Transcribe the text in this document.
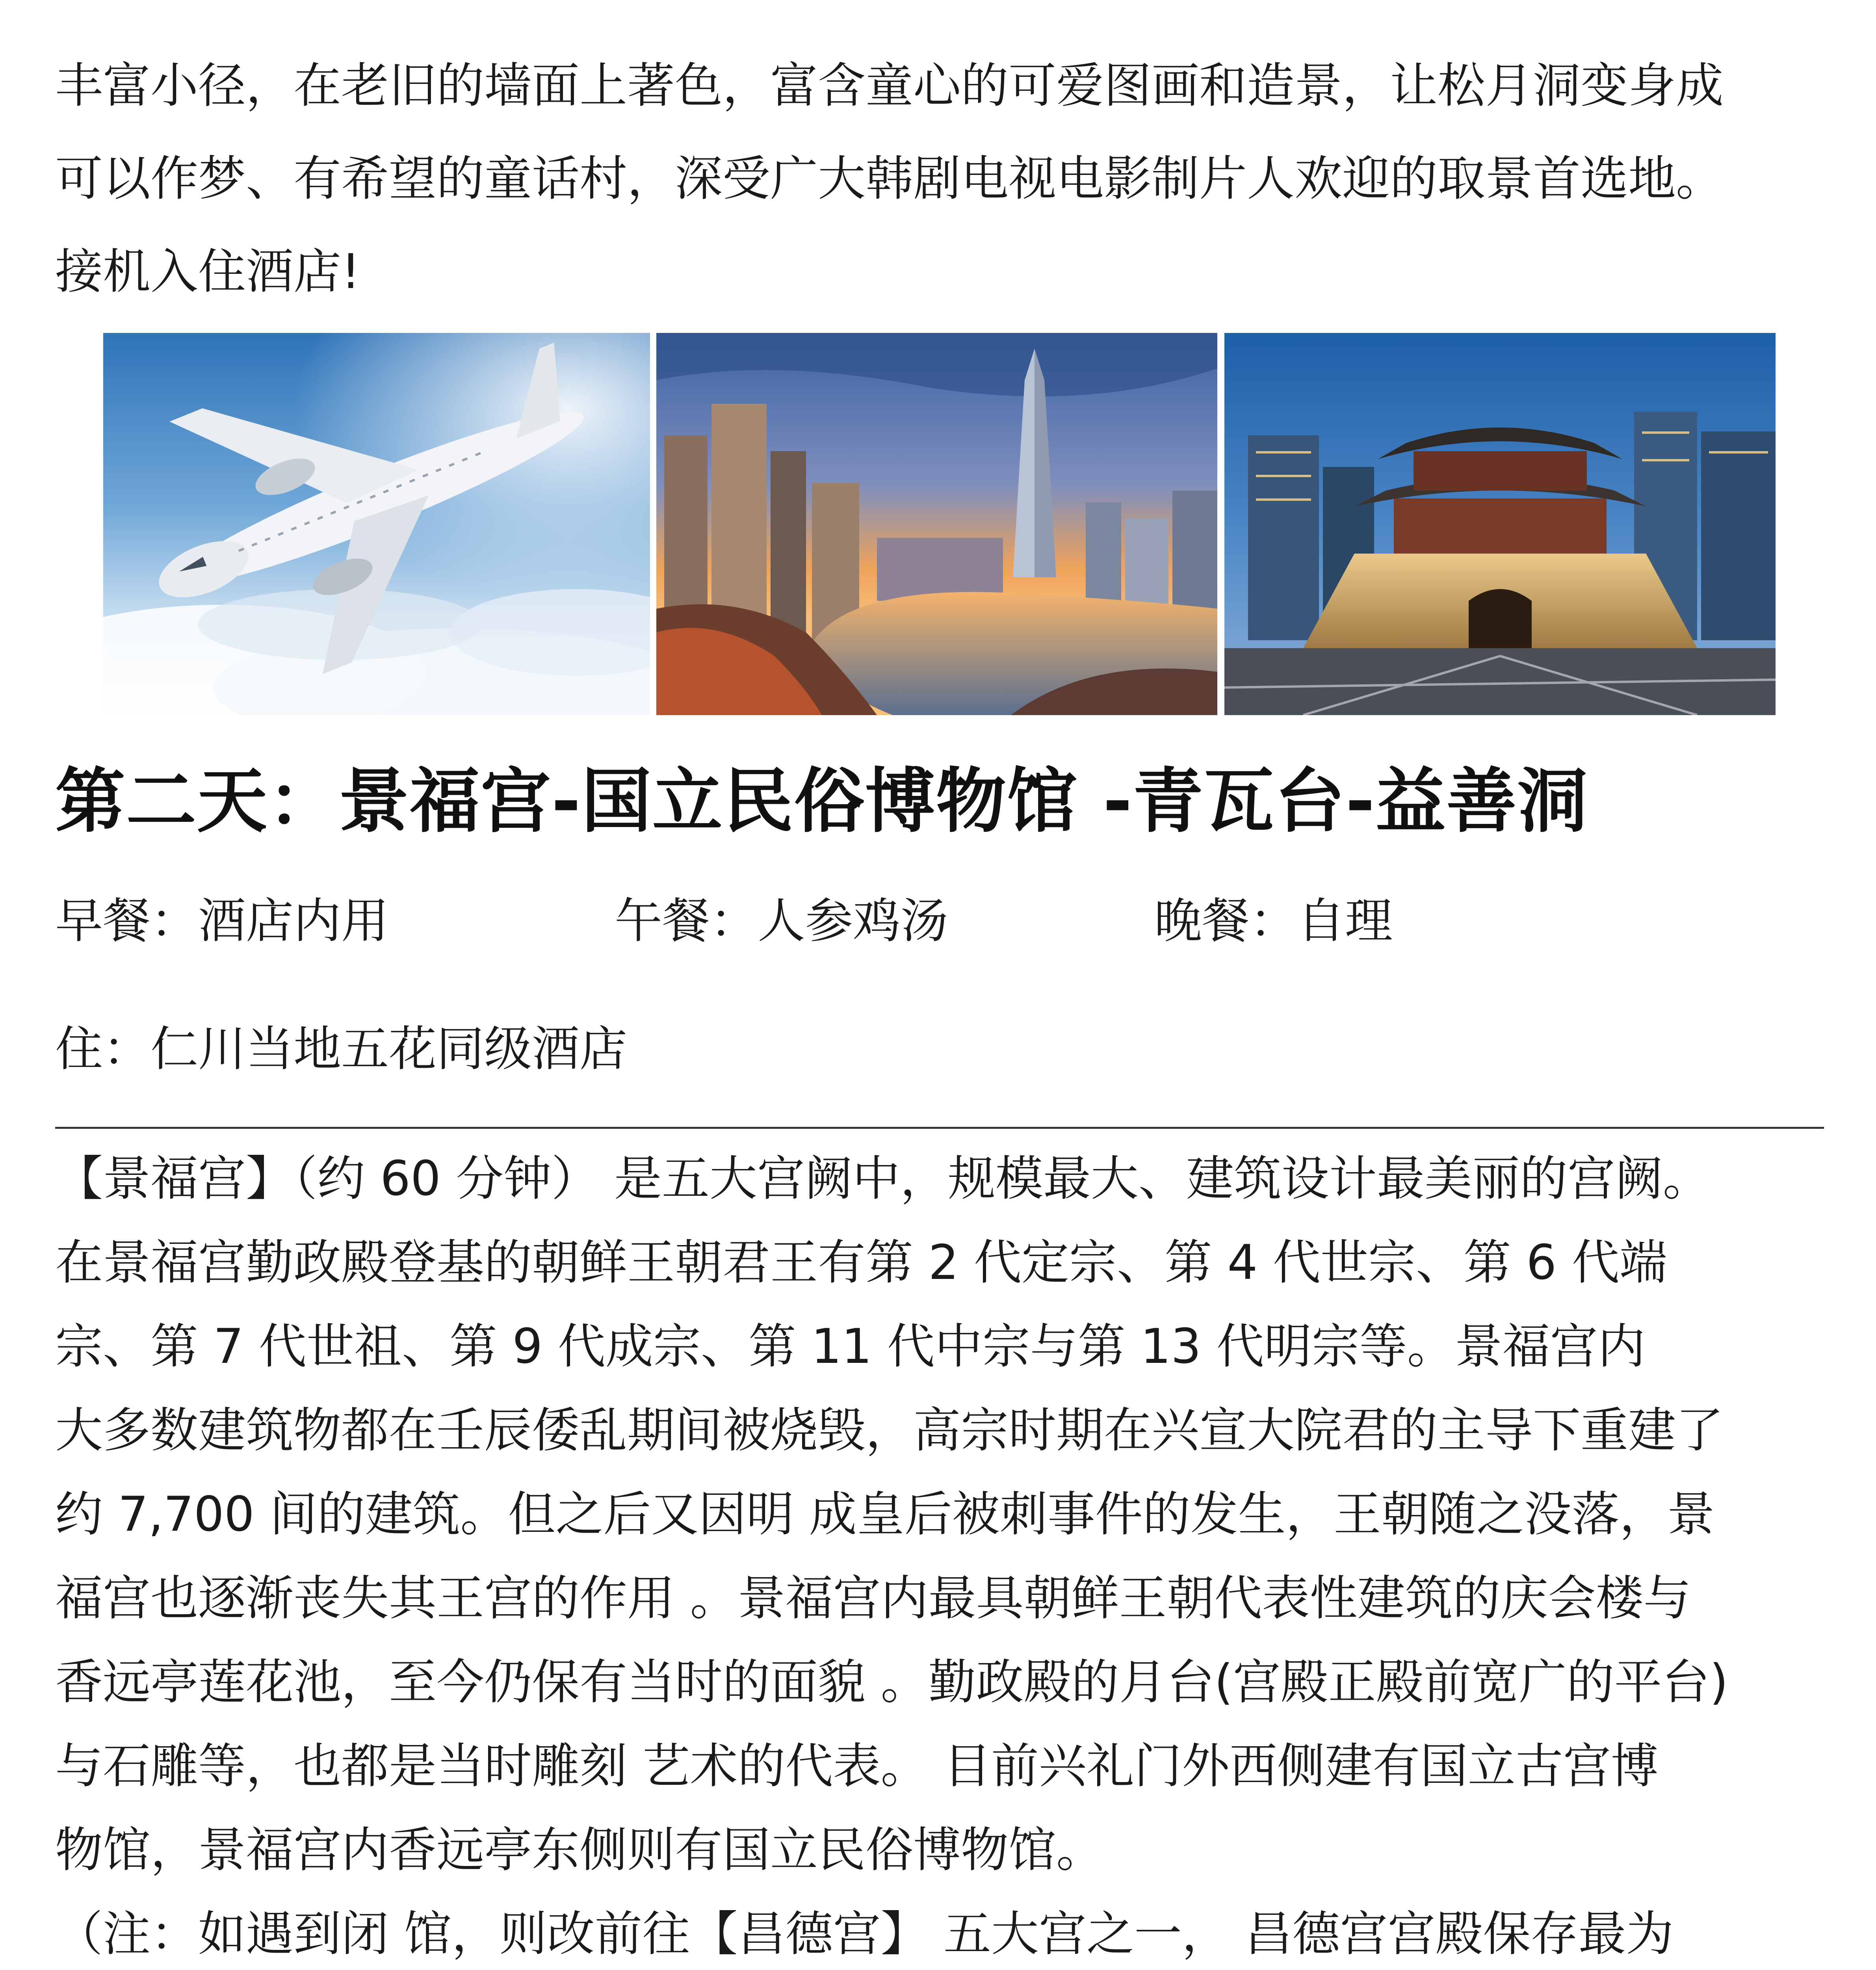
丰富小径，在老旧的墙面上著色，富含童心的可爱图画和造景，让松月洞变身成
可以作梦、有希望的童话村，深受广大韩剧电视电影制片人欢迎的取景首选地。
接机入住酒店!
第二天：景福宫-国立民俗博物馆 -青瓦台-益善洞
早餐：酒店内用	午餐：人参鸡汤	晚餐：自理
住：仁川当地五花同级酒店
【景福宫】（约 60 分钟） 是五大宫阙中，规模最大、建筑设计最美丽的宫阙。
在景福宫勤政殿登基的朝鲜王朝君王有第 2 代定宗、第 4 代世宗、第 6 代端
宗、第 7 代世祖、第 9 代成宗、第 11 代中宗与第 13 代明宗等。景福宫内
大多数建筑物都在壬辰倭乱期间被烧毁，高宗时期在兴宣大院君的主导下重建了
约 7,700 间的建筑。但之后又因明 成皇后被刺事件的发生，王朝随之没落，景
福宫也逐渐丧失其王宫的作用 。景福宫内最具朝鲜王朝代表性建筑的庆会楼与
香远亭莲花池，至今仍保有当时的面貌 。勤政殿的月台(宫殿正殿前宽广的平台)
与石雕等，也都是当时雕刻 艺术的代表。 目前兴礼门外西侧建有国立古宫博
物馆，景福宫内香远亭东侧则有国立民俗博物馆。
（注：如遇到闭 馆，则改前往【昌德宫】 五大宫之一， 昌德宫宫殿保存最为
